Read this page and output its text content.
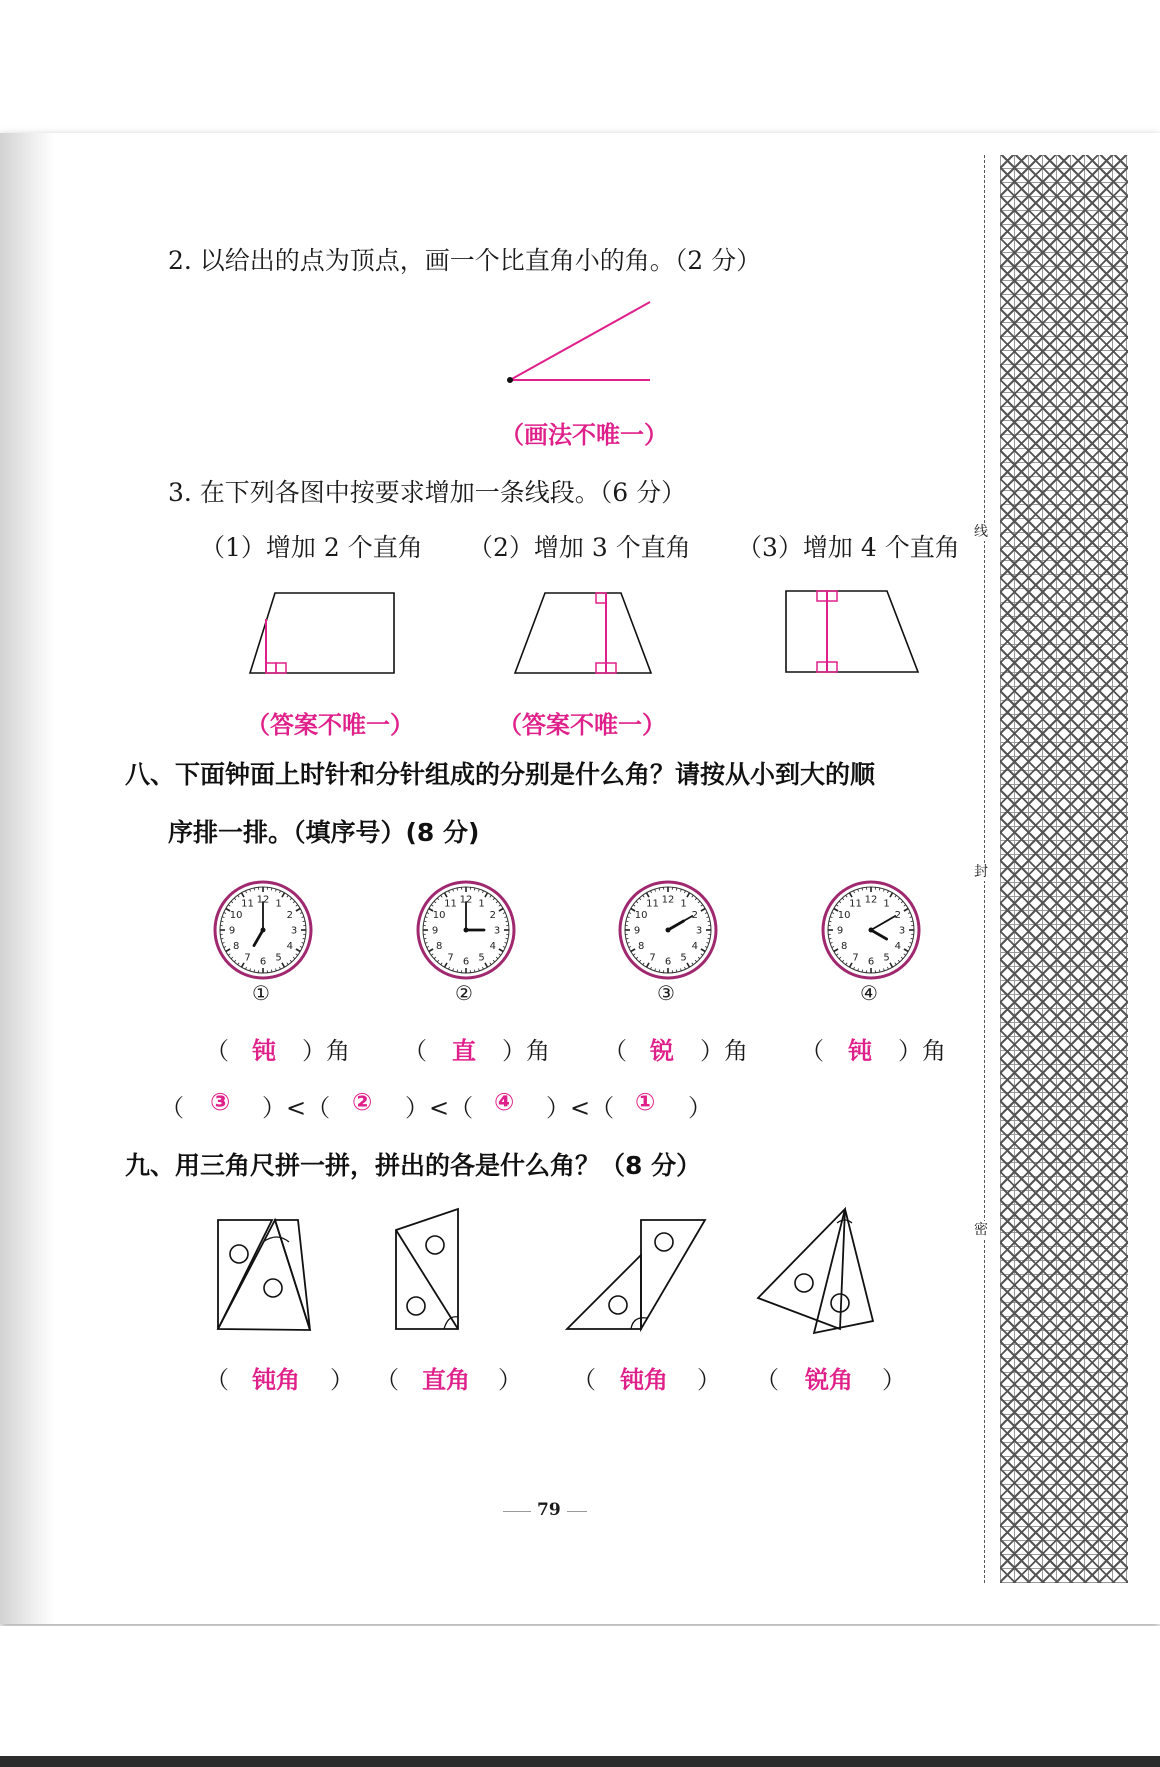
线
封
密
2. 以给出的点为顶点，画一个比直角小的角。（2 分）
（画法不唯一）
3. 在下列各图中按要求增加一条线段。（6 分）
（1）增加 2 个直角 （2）增加 3 个直角 （3）增加 4 个直角
（答案不唯一）	（答案不唯一）
八、下面钟面上时针和分针组成的分别是什么角？请按从小到大的顺
序排一排。（填序号）(8 分)
12 1
2
3
4
5
6
7
8
9
10
11	12 1
2
3
4
5
6
7
8
9
10
11	12 1
2
3
4
5
6
7
8
9
10
11	12 1
2
3
4
5
6
7
8
9
10
11
①	②	③	④
（ 钝 ）角 （ 直 ）角 （ 锐 ）角 （ 钝 ）角
（ ③ ）<（ ② ）<（ ④ ）<（ ① ）
九、用三角尺拼一拼，拼出的各是什么角？（8 分）
（ 钝角 ） （ 直角 ） （ 钝角 ） （ 锐角 ）
79
